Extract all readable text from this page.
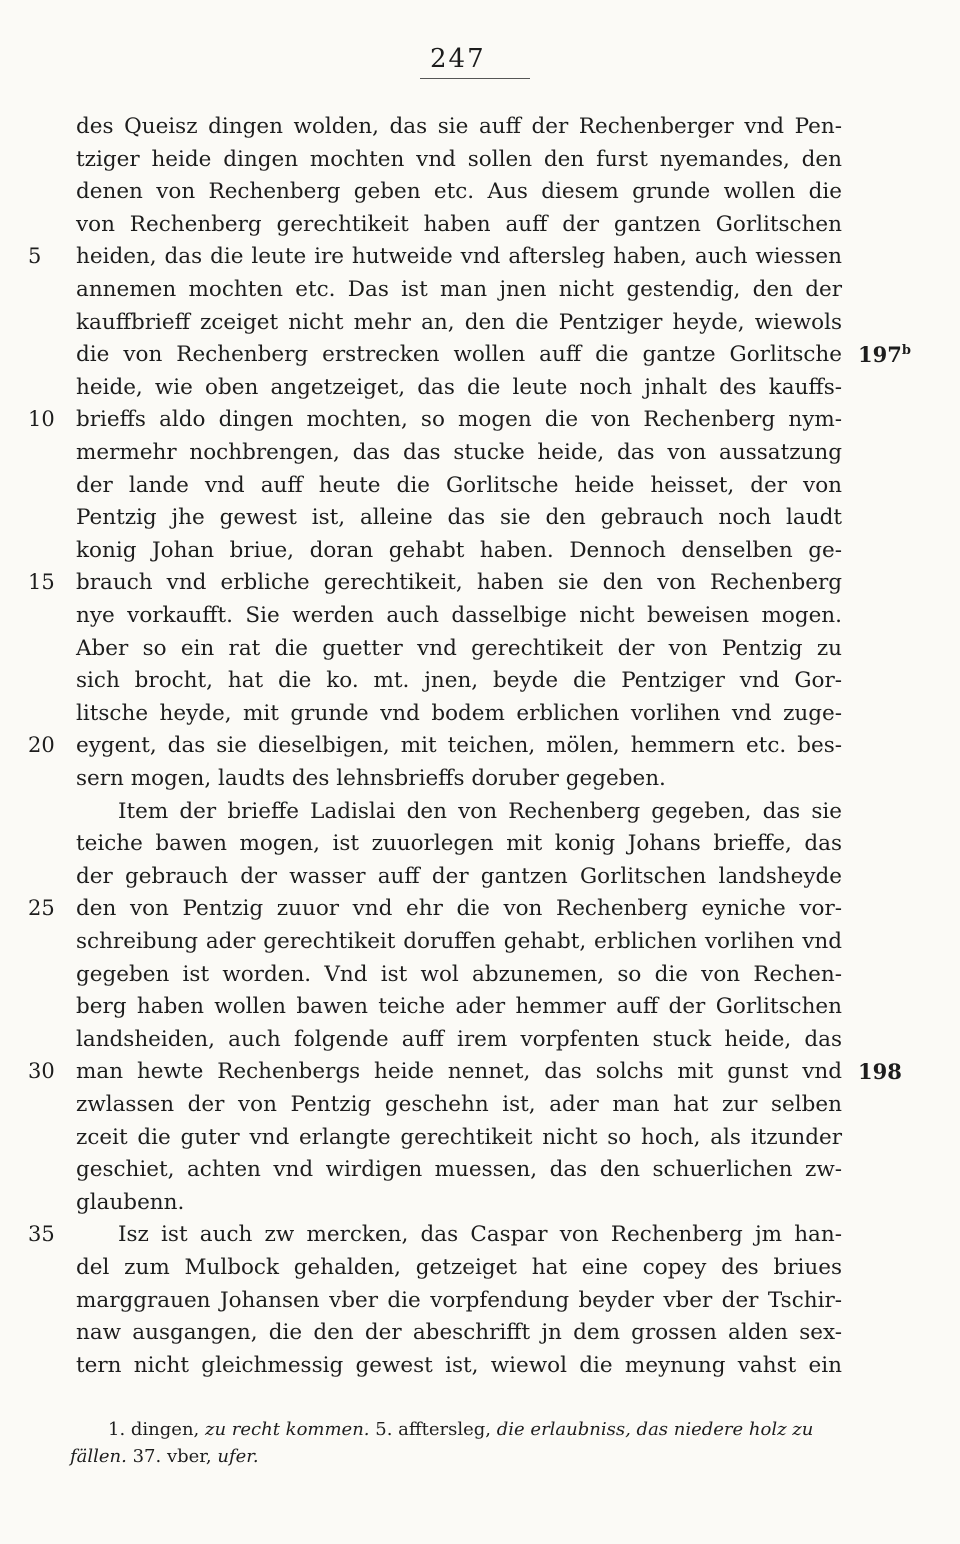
247
des Queisz dingen wolden, das sie auff der Rechenberger vnd Pen-
tziger heide dingen mochten vnd sollen den furst nyemandes, den
denen von Rechenberg geben etc. Aus diesem grunde wollen die
von Rechenberg gerechtikeit haben auff der gantzen Gorlitschen
5	heiden, das die leute ire hutweide vnd aftersleg haben, auch wiessen
annemen mochten etc. Das ist man jnen nicht gestendig, den der
kauffbrieff zceiget nicht mehr an, den die Pentziger heyde, wiewols
die von Rechenberg erstrecken wollen auff die gantze Gorlitsche 197$^b$
heide, wie oben angetzeiget, das die leute noch jnhalt des kauffs-
10 brieffs aldo dingen mochten, so mogen die von Rechenberg nym-
mermehr nochbrengen, das das stucke heide, das von aussatzung
der lande vnd auff heute die Gorlitsche heide heisset, der von
Pentzig jhe gewest ist, alleine das sie den gebrauch noch laudt
konig Johan briue, doran gehabt haben. Dennoch denselben ge-
15 brauch vnd erbliche gerechtikeit, haben sie den von Rechenberg
nye vorkaufft. Sie werden auch dasselbige nicht beweisen mogen.
Aber so ein rat die guetter vnd gerechtikeit der von Pentzig zu
sich brocht, hat die ko. mt. jnen, beyde die Pentziger vnd Gor-
litsche heyde, mit grunde vnd bodem erblichen vorlihen vnd zuge-
20 eygent, das sie dieselbigen, mit teichen, mölen, hemmern etc. bes-
sern mogen, laudts des lehnsbrieffs doruber gegeben.
Item der brieffe Ladislai den von Rechenberg gegeben, das sie
teiche bawen mogen, ist zuuorlegen mit konig Johans brieffe, das
der gebrauch der wasser auff der gantzen Gorlitschen landsheyde
25 den von Pentzig zuuor vnd ehr die von Rechenberg eyniche vor-
schreibung ader gerechtikeit doruffen gehabt, erblichen vorlihen vnd
gegeben ist worden. Vnd ist wol abzunemen, so die von Rechen-
berg haben wollen bawen teiche ader hemmer auff der Gorlitschen
landsheiden, auch folgende auff irem vorpfenten stuck heide, das
30 man hewte Rechenbergs heide nennet, das solchs mit gunst vnd 198
zwlassen der von Pentzig geschehn ist, ader man hat zur selben
zceit die guter vnd erlangte gerechtikeit nicht so hoch, als itzunder
geschiet, achten vnd wirdigen muessen, das den schuerlichen zw-
glaubenn.
35	Isz ist auch zw mercken, das Caspar von Rechenberg jm han-
del zum Mulbock gehalden, getzeiget hat eine copey des briues
marggrauen Johansen vber die vorpfendung beyder vber der Tschir-
naw ausgangen, die den der abeschrifft jn dem grossen alden sex-
tern nicht gleichmessig gewest ist, wiewol die meynung vahst ein
1. dingen, zu recht kommen. 5. afftersleg, die erlaubniss, das niedere holz zu
fällen. 37. vber, ufer.
